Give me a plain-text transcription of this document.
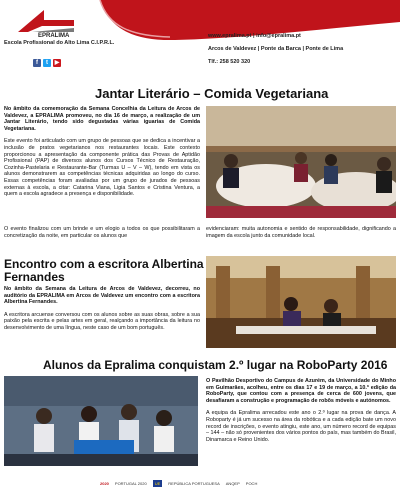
EPRALIMA
Escola Profissional do Alto Lima C.I.P.R.L.
f	t	▶
www.epralima.pt | info@epralima.pt
Arcos de Valdevez | Ponte da Barca | Ponte de Lima
Tlf.: 258 520 320
Jantar Literário – Comida Vegetariana

No âmbito da comemoração da Semana Concelhia da Leitura de Arcos de Valdevez, a EPRALIMA promoveu, no dia 16 de março, a realização de um Jantar Literário, tendo sido degustadas várias iguarias de Comida Vegetariana.

Este evento foi articulado com um grupo de pessoas que se dedica a incentivar a inclusão de pratos vegetarianos nos restaurantes locais. Este contexto proporcionou a apresentação da componente prática das Provas de Aptidão Profissional (PAP) de diversos alunos dos Cursos Técnico de Restauração, Cozinha-Pastelaria e Restaurante-Bar (Turmas U – V – W), tendo em vista os alunos demonstrarem as competências técnicas adquiridas ao longo do curso. Essas competências foram avaliadas por um grupo de jurados de pessoas externas à escola, a citar: Catarina Viana, Ligia Santos e Cristina Ventura, a quem a escola agradece a presença e disponibilidade.

O evento finalizou com um brinde e um elogio a todos os que possibilitaram a concretização da noite, em particular os alunos que

evidenciaram: muita autonomia e sentido de responsabilidade, dignificando a imagem da escola junto da comunidade local.

Encontro com a escritora Albertina Fernandes

No âmbito da Semana da Leitura de Arcos de Valdevez, decorreu, no auditório da EPRALIMA em Arcos de Valdevez um encontro com a escritora Albertina Fernandes.

A escritora arcuense conversou com os alunos sobre as suas obras, sobre a sua paixão pela escrita e pelas artes em geral, realçando a importância da leitura no desenvolvimento de uma língua, neste caso de um bom português.

Alunos da Epralima conquistam 2.º lugar na RoboParty 2016

O Pavilhão Desportivo do Campus de Azurém, da Universidade do Minho em Guimarães, acolheu, entre os dias 17 e 19 de março, a 10.ª edição da RoboParty, que contou com a presença de cerca de 600 jovens, que desafiaram a construção e programação de robôs móveis e autónomos.

A equipa da Epralima arrecadou este ano o 2.º lugar na prova de dança. A Roboparty é já um sucesso na área da robótica e a cada edição bate um novo record de inscrições, o evento atingiu, este ano, um número record de equipas – 144 – não só provenientes dos vários pontos do país, mas também do Brasil, Dinamarca e Reino Unido.

2020 PORTUGAL 2020	UE	REPÚBLICA PORTUGUESA ANQEP POCH
